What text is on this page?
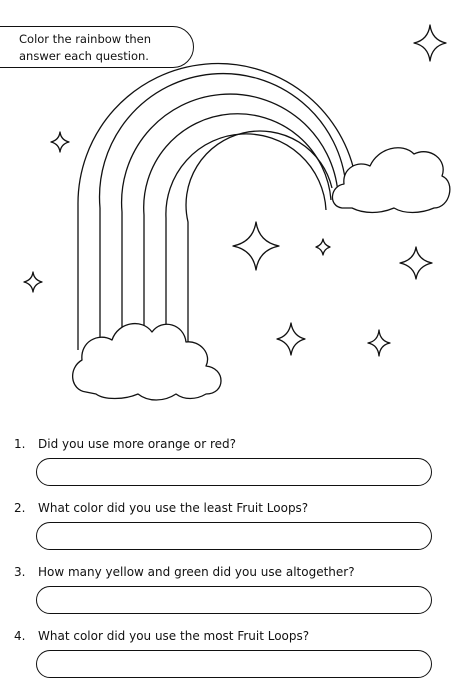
Color the rainbow then
answer each question.
1. Did you use more orange or red?
2. What color did you use the least Fruit Loops?
3. How many yellow and green did you use altogether?
4. What color did you use the most Fruit Loops?
